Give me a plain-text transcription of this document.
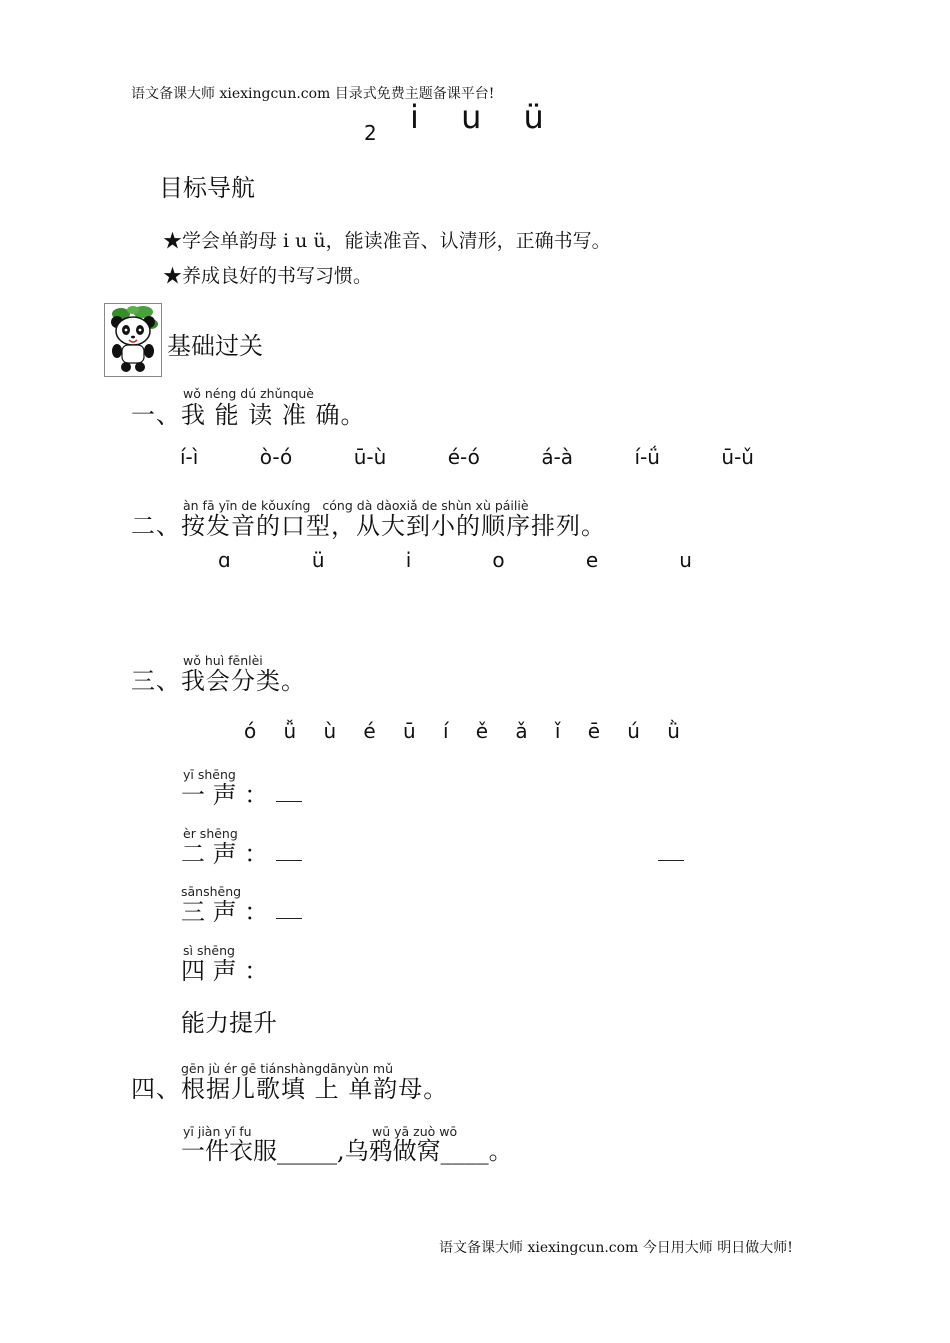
语文备课大师 xiexingcun.com 目录式免费主题备课平台!
2 i u ü
目标导航
★学会单韵母 i u ü，能读准音、认清形，正确书写。
★养成良好的书写习惯。
基础过关
wǒ néng dú zhǔnquè
一、我 能 读 准 确。
í-ì	ò-ó	ū-ù	é-ó	á-à	í-ǘ	ū-ǔ
àn fā yīn de kǒuxíng   cóng dà dàoxiǎ de shùn xù páiliè
二、按发音的口型，从大到小的顺序排列。
ɑ	ü	i	o	e	u
wǒ huì fēnlèi
三、我会分类。
ó ǚ ù é ū í ě ǎ ǐ ē ú ǜ
yī shēng
一 声 ：
èr shēng
二 声 ：
sānshēng
三 声 ：
sì shēng
四 声 ：
能力提升
gēn jù ér gē tiánshàngdānyùn mǔ
四、根据儿歌填 上 单韵母。
yī jiàn yī fu	wū yā zuò wō
一件衣服_____,乌鸦做窝____。
语文备课大师 xiexingcun.com 今日用大师 明日做大师!
